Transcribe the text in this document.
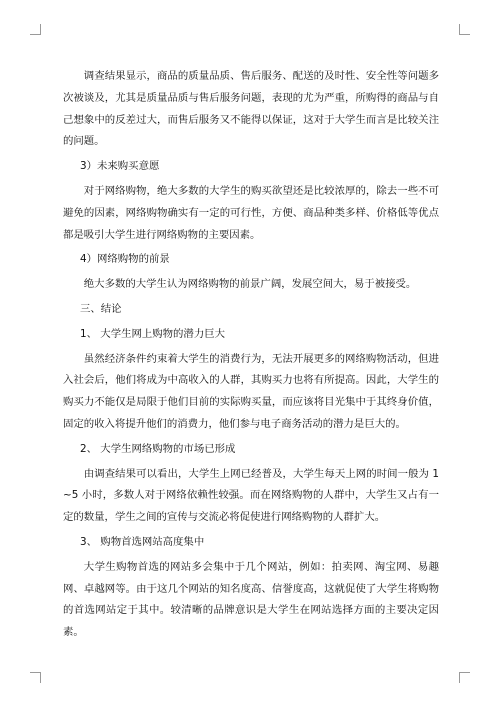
调查结果显示，商品的质量品质、售后服务、配送的及时性、安全性等问题多次被谈及，尤其是质量品质与售后服务问题，表现的尤为严重，所购得的商品与自己想象中的反差过大，而售后服务又不能得以保证，这对于大学生而言是比较关注的问题。

3）未来购买意愿

对于网络购物，绝大多数的大学生的购买欲望还是比较浓厚的，除去一些不可避免的因素，网络购物确实有一定的可行性，方便、商品种类多样、价格低等优点都是吸引大学生进行网络购物的主要因素。

4）网络购物的前景

绝大多数的大学生认为网络购物的前景广阔，发展空间大，易于被接受。

三、结论

1、 大学生网上购物的潜力巨大

虽然经济条件约束着大学生的消费行为，无法开展更多的网络购物活动，但进入社会后，他们将成为中高收入的人群，其购买力也将有所提高。因此，大学生的购买力不能仅是局限于他们目前的实际购买量，而应该将目光集中于其终身价值，固定的收入将提升他们的消费力，他们参与电子商务活动的潜力是巨大的。

2、 大学生网络购物的市场已形成

由调查结果可以看出，大学生上网已经普及，大学生每天上网的时间一般为 1~5 小时，多数人对于网络依赖性较强。而在网络购物的人群中，大学生又占有一定的数量，学生之间的宣传与交流必将促使进行网络购物的人群扩大。

3、 购物首选网站高度集中

大学生购物首选的网站多会集中于几个网站，例如：拍卖网、淘宝网、易趣网、卓越网等。由于这几个网站的知名度高、信誉度高，这就促使了大学生将购物的首选网站定于其中。较清晰的品牌意识是大学生在网站选择方面的主要决定因素。
